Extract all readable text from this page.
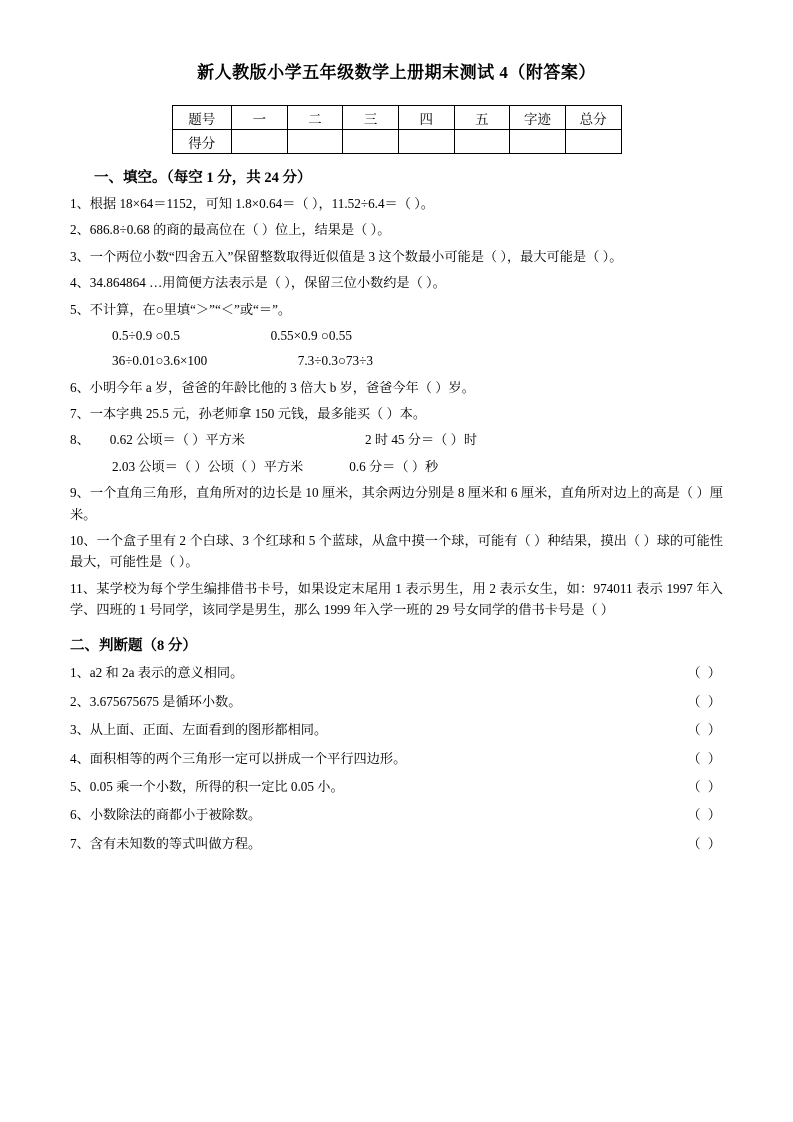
新人教版小学五年级数学上册期末测试 4（附答案）
题号	一	二	三	四	五	字迹	总分
得分							
一、填空。（每空 1 分，共 24 分）
1、根据 18×64＝1152，可知 1.8×0.64＝（ ），11.52÷6.4＝（ ）。
2、686.8÷0.68 的商的最高位在（ ）位上，结果是（ ）。
3、一个两位小数“四舍五入”保留整数取得近似值是 3 这个数最小可能是（ ），最大可能是（ ）。
4、34.864864 …用简便方法表示是（ ），保留三位小数约是（ ）。
5、不计算，在○里填“＞”“＜”或“＝”。
0.5÷0.9 ○0.5	0.55×0.9 ○0.55
36÷0.01○3.6×100	7.3÷0.3○73÷3
6、小明今年 a 岁，爸爸的年龄比他的 3 倍大 b 岁，爸爸今年（ ）岁。
7、一本字典 25.5 元，孙老师拿 150 元钱，最多能买（ ）本。
8、 0.62 公顷＝（ ）平方米	2 时 45 分＝（ ）时
2.03 公顷＝（ ）公顷（ ）平方米	0.6 分＝（ ）秒
9、一个直角三角形，直角所对的边长是 10 厘米，其余两边分别是 8 厘米和 6 厘米，直角所对边上的高是（ ）厘米。
10、一个盒子里有 2 个白球、3 个红球和 5 个蓝球，从盒中摸一个球，可能有（ ）种结果，摸出（ ）球的可能性最大，可能性是（ ）。
11、某学校为每个学生编排借书卡号，如果设定末尾用 1 表示男生，用 2 表示女生，如：974011 表示 1997 年入学、四班的 1 号同学，该同学是男生，那么 1999 年入学一班的 29 号女同学的借书卡号是（ ）
二、判断题（8 分）
1、a2 和 2a 表示的意义相同。	（ ）
2、3.675675675 是循环小数。	（ ）
3、从上面、正面、左面看到的图形都相同。	（ ）
4、面积相等的两个三角形一定可以拼成一个平行四边形。	（ ）
5、0.05 乘一个小数，所得的积一定比 0.05 小。	（ ）
6、小数除法的商都小于被除数。	（ ）
7、含有未知数的等式叫做方程。	（ ）
